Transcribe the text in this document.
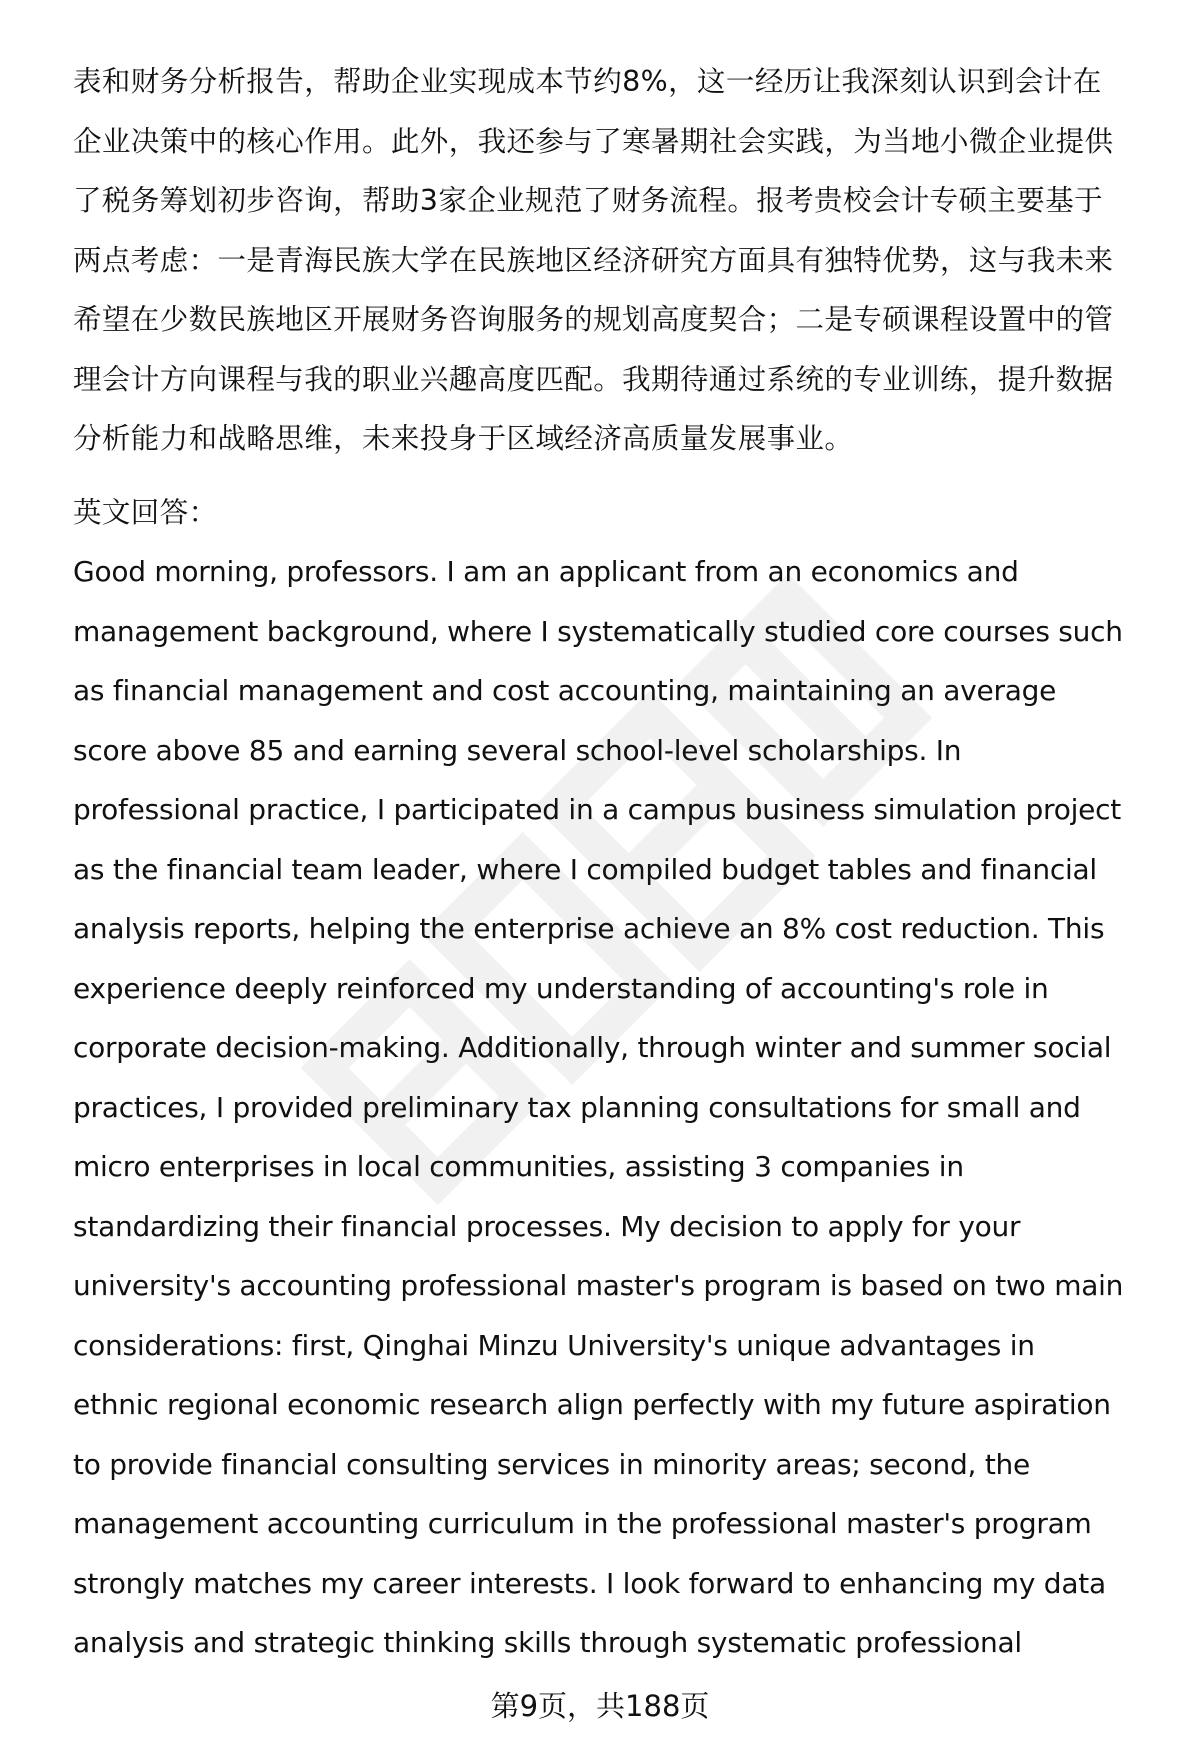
表和财务分析报告，帮助企业实现成本节约8%，这一经历让我深刻认识到会计在
企业决策中的核心作用。此外，我还参与了寒暑期社会实践，为当地小微企业提供
了税务筹划初步咨询，帮助3家企业规范了财务流程。报考贵校会计专硕主要基于
两点考虑：一是青海民族大学在民族地区经济研究方面具有独特优势，这与我未来
希望在少数民族地区开展财务咨询服务的规划高度契合；二是专硕课程设置中的管
理会计方向课程与我的职业兴趣高度匹配。我期待通过系统的专业训练，提升数据
分析能力和战略思维，未来投身于区域经济高质量发展事业。
英文回答：
Good morning, professors. I am an applicant from an economics and
management background, where I systematically studied core courses such
as financial management and cost accounting, maintaining an average
score above 85 and earning several school-level scholarships. In
professional practice, I participated in a campus business simulation project
as the financial team leader, where I compiled budget tables and financial
analysis reports, helping the enterprise achieve an 8% cost reduction. This
experience deeply reinforced my understanding of accounting's role in
corporate decision-making. Additionally, through winter and summer social
practices, I provided preliminary tax planning consultations for small and
micro enterprises in local communities, assisting 3 companies in
standardizing their financial processes. My decision to apply for your
university's accounting professional master's program is based on two main
considerations: first, Qinghai Minzu University's unique advantages in
ethnic regional economic research align perfectly with my future aspiration
to provide financial consulting services in minority areas; second, the
management accounting curriculum in the professional master's program
strongly matches my career interests. I look forward to enhancing my data
analysis and strategic thinking skills through systematic professional
第9页，共188页
